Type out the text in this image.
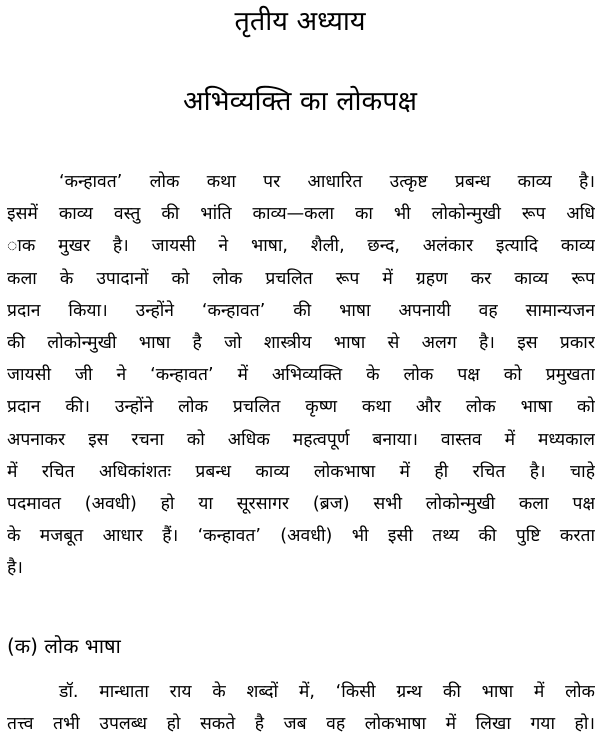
तृतीय अध्याय
अभिव्यक्ति का लोकपक्ष
‘कन्हावत’ लोक कथा पर आधारित उत्कृष्ट प्रबन्ध काव्य है।
इसमें काव्य वस्तु की भांति काव्य—कला का भी लोकोन्मुखी रूप अधि
ाक मुखर है। जायसी ने भाषा, शैली, छन्द, अलंकार इत्यादि काव्य
कला के उपादानों को लोक प्रचलित रूप में ग्रहण कर काव्य रूप
प्रदान किया। उन्होंने ‘कन्हावत’ की भाषा अपनायी वह सामान्यजन
की लोकोन्मुखी भाषा है जो शास्त्रीय भाषा से अलग है। इस प्रकार
जायसी जी ने ‘कन्हावत’ में अभिव्यक्ति के लोक पक्ष को प्रमुखता
प्रदान की। उन्होंने लोक प्रचलित कृष्ण कथा और लोक भाषा को
अपनाकर इस रचना को अधिक महत्वपूर्ण बनाया। वास्तव में मध्यकाल
में रचित अधिकांशतः प्रबन्ध काव्य लोकभाषा में ही रचित है। चाहे
पदमावत (अवधी) हो या सूरसागर (ब्रज) सभी लोकोन्मुखी कला पक्ष
के मजबूत आधार हैं। ‘कन्हावत’ (अवधी) भी इसी तथ्य की पुष्टि करता
है।
(क) लोक भाषा
डॉ. मान्धाता राय के शब्दों में, ‘किसी ग्रन्थ की भाषा में लोक
तत्त्व तभी उपलब्ध हो सकते है जब वह लोकभाषा में लिखा गया हो।
